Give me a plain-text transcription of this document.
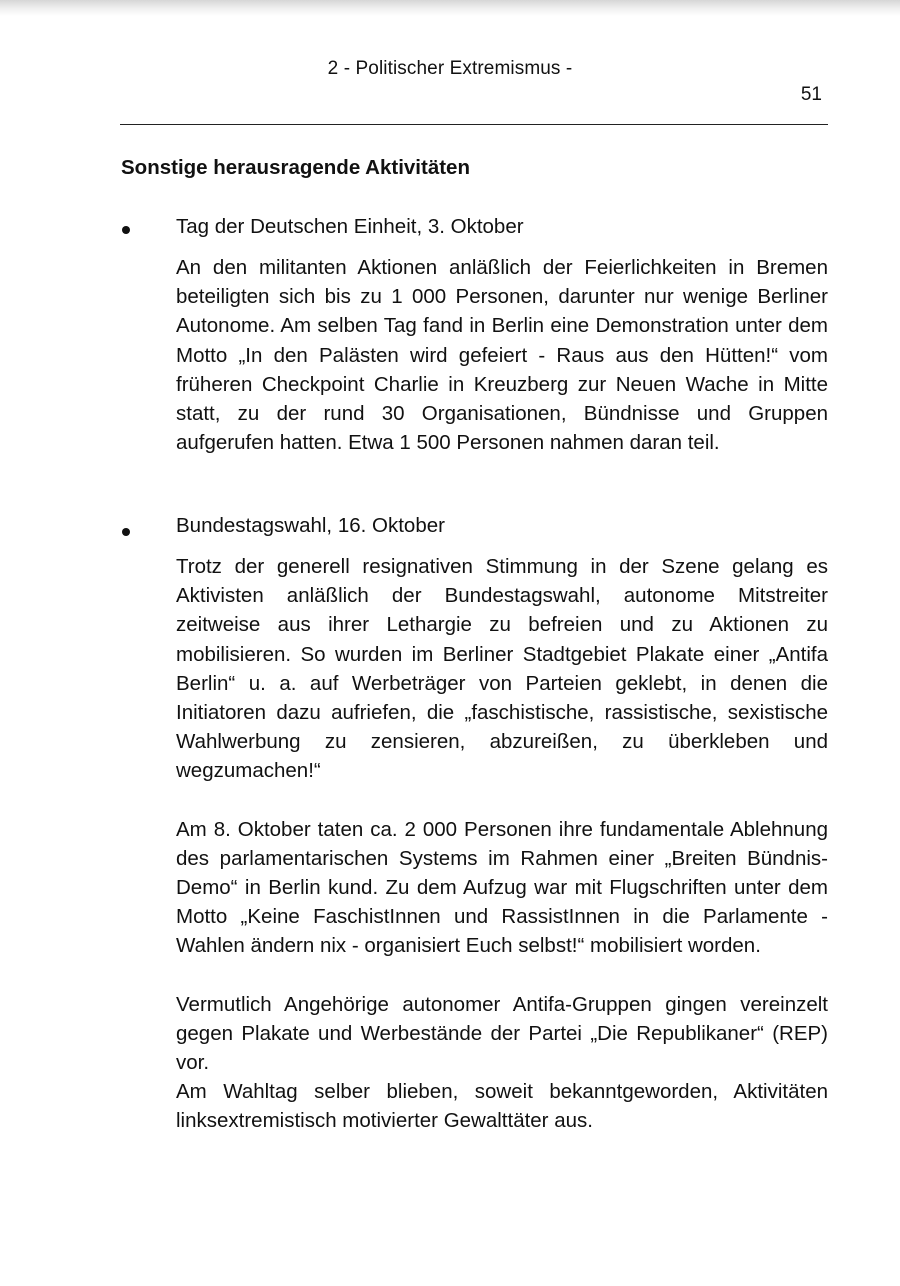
2 - Politischer Extremismus -
51
Sonstige herausragende Aktivitäten

Tag der Deutschen Einheit, 3. Oktober

An den militanten Aktionen anläßlich der Feierlichkeiten in Bremen beteiligten sich bis zu 1 000 Personen, darunter nur wenige Berliner Autonome. Am selben Tag fand in Berlin eine Demonstration unter dem Motto „In den Palästen wird gefeiert - Raus aus den Hütten!“ vom früheren Checkpoint Charlie in Kreuzberg zur Neuen Wache in Mitte statt, zu der rund 30 Organisationen, Bündnisse und Gruppen aufgerufen hatten. Etwa 1 500 Personen nahmen daran teil.

Bundestagswahl, 16. Oktober

Trotz der generell resignativen Stimmung in der Szene gelang es Aktivisten anläßlich der Bundestagswahl, autonome Mitstreiter zeitweise aus ihrer Lethargie zu befreien und zu Aktionen zu mobilisieren. So wurden im Berliner Stadtgebiet Plakate einer „Antifa Berlin“ u. a. auf Werbeträger von Parteien geklebt, in denen die Initiatoren dazu aufriefen, die „faschistische, rassistische, sexistische Wahlwerbung zu zensieren, abzureißen, zu überkleben und wegzumachen!“

Am 8. Oktober taten ca. 2 000 Personen ihre fundamentale Ablehnung des parlamentarischen Systems im Rahmen einer „Breiten Bündnis-Demo“ in Berlin kund. Zu dem Aufzug war mit Flugschriften unter dem Motto „Keine FaschistInnen und RassistInnen in die Parlamente - Wahlen ändern nix - organisiert Euch selbst!“ mobilisiert worden.

Vermutlich Angehörige autonomer Antifa-Gruppen gingen vereinzelt gegen Plakate und Werbestände der Partei „Die Republikaner“ (REP) vor.

Am Wahltag selber blieben, soweit bekanntgeworden, Aktivitäten linksextremistisch motivierter Gewalttäter aus.
